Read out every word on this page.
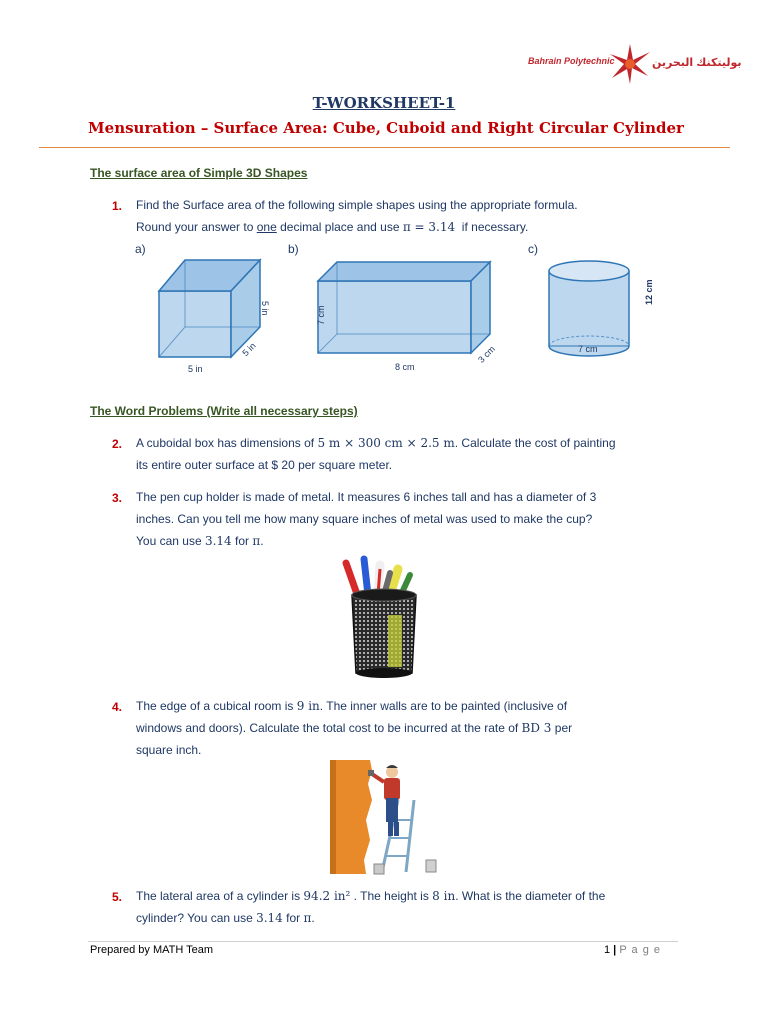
Bahrain Polytechnic	بوليتكنك البحرين
T-WORKSHEET-1
Mensuration – Surface Area: Cube, Cuboid and Right Circular Cylinder
The surface area of Simple 3D Shapes
1. Find the Surface area of the following simple shapes using the appropriate formula.
Round your answer to one decimal place and use π = 3.14  if necessary.
a)	b)	c)
5 in
5 in
5 in
8 cm
7 cm
3 cm	7 cm
12 cm
The Word Problems (Write all necessary steps)
2. A cuboidal box has dimensions of 5 m × 300 cm × 2.5 m. Calculate the cost of painting
its entire outer surface at $ 20 per square meter.
3. The pen cup holder is made of metal. It measures 6 inches tall and has a diameter of 3
inches. Can you tell me how many square inches of metal was used to make the cup?
You can use 3.14 for π.
4. The edge of a cubical room is 9 in. The inner walls are to be painted (inclusive of
windows and doors). Calculate the total cost to be incurred at the rate of BD 3 per
square inch.
5. The lateral area of a cylinder is 94.2 in² . The height is 8 in. What is the diameter of the
cylinder? You can use 3.14 for π.
Prepared by MATH Team	1 | P a g e
